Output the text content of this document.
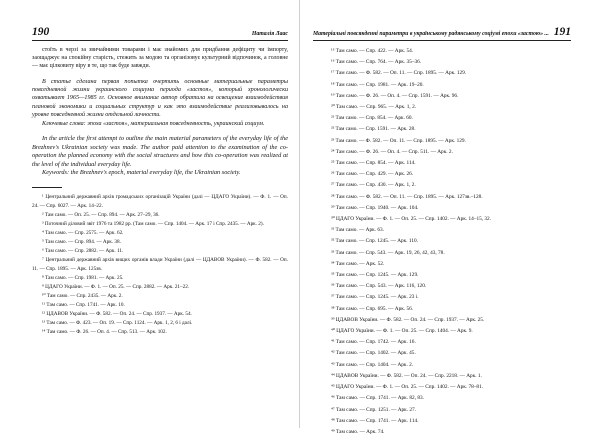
190	Наталія Лаас

стоїть в черзі за звичайними товарами і має знайомих для придбання дефіциту чи імпорту, заощаджує на спокійну старість, стежить за модою та організовує культурний відпочинок, а головне — має цілковиту віру в те, що так буде завжди.

В статье сделана первая попытка очертить основные материальные параметры повседневной жизни украинского социума периода «застоя», который хронологически охватывает 1965—1985 гг. Основное внимание автор обратила на освещение взаимодействия плановой экономики и социальных структур и как это взаимодействие реализовывалось на уровне повседневной жизни отдельной личности.

Ключевые слова: эпоха «застоя», материальная повседневность, украинский социум.

In the article the first attempt to outline the main material parameters of the everyday life of the Brezhnev's Ukrainian society was made. The author paid attention to the examination of the co-operation the planned economy with the social structures and how this co-operation was realized at the level of the individual everyday life.

Keywords: the Brezhnev's epoch, material everyday life, the Ukrainian society.

¹ Центральний державний архів громадських організацій України (далі — ЦДАГО України). — Ф. 1. — Оп. 24. — Спр. 6027. — Арк. 14–22.

² Там само. — Оп. 25. — Спр. 894. — Арк. 27–29, 36.

³ Поточний діловий звіт 1976 та 1982 рр. (Там само. — Спр. 1404. — Арк. 17 і Спр. 2435. — Арк. 2).

⁴ Там само. — Спр. 2575. — Арк. 62.

⁵ Там само. — Спр. 894. — Арк. 38.

⁶ Там само. — Спр. 2882. — Арк. 11.

⁷ Центральний державний архів вищих органів влади України (далі — ЦДАВОВ України). — Ф. 582. — Оп. 11. — Спр. 1895. — Арк. 125зв.

⁸ Там само. — Спр. 1981. — Арк. 25.

⁹ ЦДАГО України. — Ф. 1. — Оп. 25. — Спр. 2882. — Арк. 21–22.

¹⁰ Там само. — Спр. 2435. — Арк. 2.

¹¹ Там само. — Спр. 1741. — Арк. 10.

¹² ЦДАВОВ України. — Ф. 582. — Оп. 24. — Спр. 1937. — Арк. 54.

¹³ Там само. — Ф. 423. — Оп. 19. — Спр. 1124. — Арк. 1, 2, 6 і далі.

¹⁴ Там само. — Ф. 26. — Оп. 4. — Спр. 513. — Арк. 102.

Матеріальні повсякденні параметри в українському радянському соціумі епохи «застою» ... 191

¹⁵ Там само. — Спр. 422. — Арк. 54.

¹⁶ Там само. — Спр. 764. — Арк. 35–36.

¹⁷ Там само. — Ф. 582. — Оп. 11. — Спр. 1895. — Арк. 129.

¹⁸ Там само. — Спр. 1981. — Арк. 19–20.

¹⁹ Там само. — Ф. 26. — Оп. 4. — Спр. 1591. — Арк. 96.

²⁰ Там само. — Спр. 965. — Арк. 1, 2.

²¹ Там само. — Спр. 854. — Арк. 60.

²² Там само. — Спр. 1591. — Арк. 28.

²³ Там само. — Ф. 582. — Оп. 11. — Спр. 1895. — Арк. 129.

²⁴ Там само. — Ф. 26. — Оп. 4. — Спр. 511. — Арк. 2.

²⁵ Там само. — Спр. 854. — Арк. 114.

²⁶ Там само. — Спр. 429. — Арк. 26.

²⁷ Там само. — Спр. 430. — Арк. 1, 2.

²⁸ Там само. — Ф. 582. — Оп. 11. — Спр. 1895. — Арк. 127зв.–128.

²⁹ Там само. — Спр. 1940. — Арк. 104.

³⁰ ЦДАГО України. — Ф. 1. — Оп. 25. — Спр. 1402. — Арк. 14–15, 32.

³¹ Там само. — Арк. 63.

³² Там само. — Спр. 1245. — Арк. 110.

³³ Там само. — Спр. 543. — Арк. 19, 26, 42, 43, 78.

³⁴ Там само. — Арк. 52.

³⁵ Там само. — Спр. 1245. — Арк. 129.

³⁶ Там само. — Спр. 543. — Арк. 116, 120.

³⁷ Там само. — Спр. 1245. — Арк. 23 і.

³⁸ Там само. — Спр. 695. — Арк. 56.

³⁹ ЦДАВОВ України. — Ф. 582. — Оп. 24. — Спр. 1937. — Арк. 25.

⁴⁰ ЦДАГО України. — Ф. 1. — Оп. 25. — Спр. 1404. — Арк. 9.

⁴¹ Там само. — Спр. 1742. — Арк. 16.

⁴² Там само. — Спр. 1402. — Арк. 45.

⁴³ Там само. — Спр. 1404. — Арк. 2.

⁴⁴ ЦДАВОВ України. — Ф. 582. — Оп. 24. — Спр. 2218. — Арк. 1.

⁴⁵ ЦДАГО України. — Ф. 1. — Оп. 25. — Спр. 1402. — Арк. 78–81.

⁴⁶ Там само. — Спр. 1741. — Арк. 82, 83.

⁴⁷ Там само. — Спр. 1251. — Арк. 27.

⁴⁸ Там само. — Спр. 1741. — Арк. 114.

⁴⁹ Там само. — Арк. 74.
